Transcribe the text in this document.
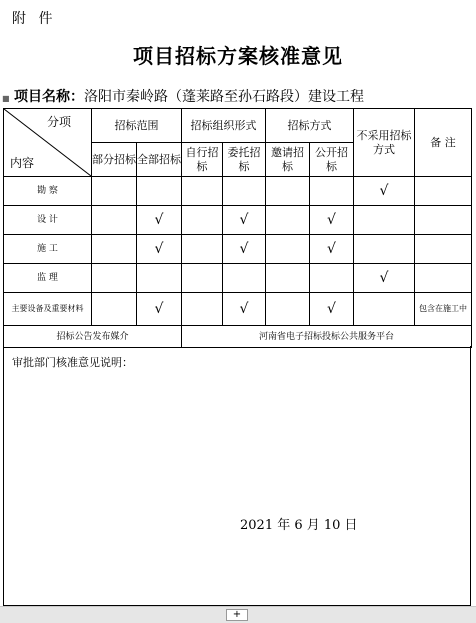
附 件
项目招标方案核准意见
■ 项目名称：洛阳市秦岭路（蓬莱路至孙石路段）建设工程
分项
内容	招标范围		招标组织形式		招标方式		不采用招标方式	备 注
	部分招标	全部招标	自行招标	委托招标	邀请招标	公开招标		
勘 察							√	
设 计		√		√		√		
施 工		√		√		√		
监 理							√	
主要设备及重要材料		√		√		√		包含在施工中
招标公告发布媒介			河南省电子招标投标公共服务平台					
审批部门核准意见说明：
2021 年 6 月 10 日
+
